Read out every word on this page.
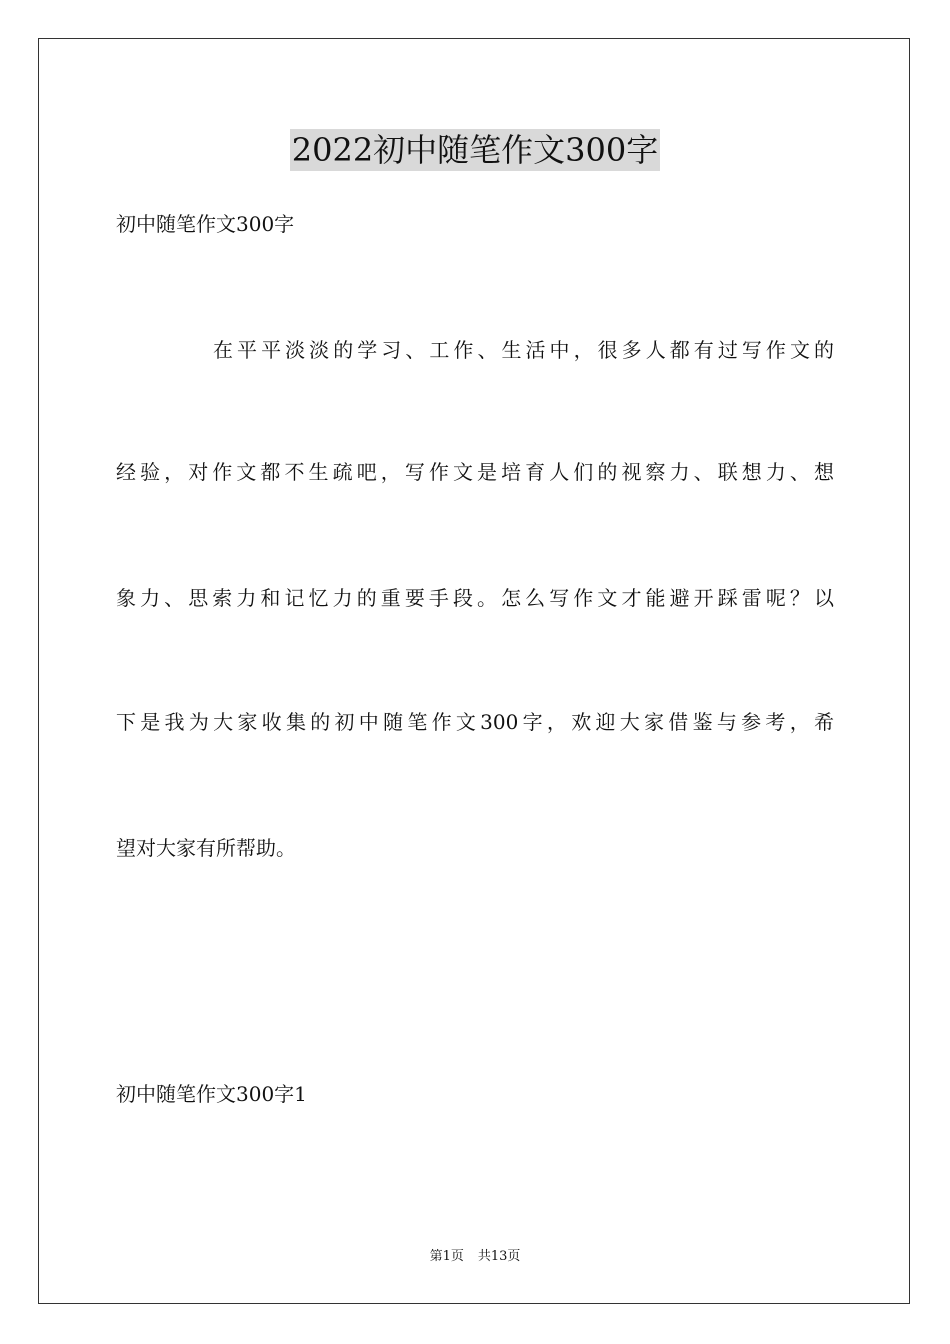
2022初中随笔作文300字

初中随笔作文300字

在平平淡淡的学习、工作、生活中，很多人都有过写作文的

经验，对作文都不生疏吧，写作文是培育人们的视察力、联想力、想

象力、思索力和记忆力的重要手段。怎么写作文才能避开踩雷呢？以

下是我为大家收集的初中随笔作文300字，欢迎大家借鉴与参考，希

望对大家有所帮助。

初中随笔作文300字1

第1页 共13页
